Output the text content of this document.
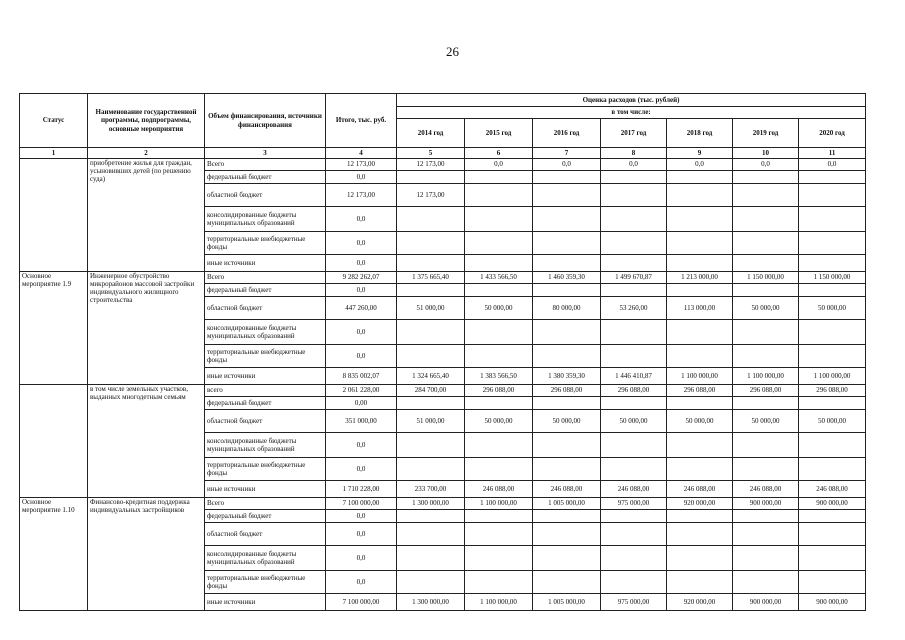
26
Статус	Наименование государственной программы, подпрограммы, основные мероприятия	Объем финансирования, источники финансирования	Итого, тыс. руб.	Оценка расходов (тыс. рублей)						
				в том числе:						
				2014 год	2015 год	2016 год	2017 год	2018 год	2019 год	2020 год
1	2	3	4	5	6	7	8	9	10	11
	приобретение жилья для граждан, усыновивших детей (по решению суда)	Всего	12 173,00	12 173,00	0,0	0,0	0,0	0,0	0,0	0,0
		федеральный бюджет	0,0							
		областной бюджет	12 173,00	12 173,00						
		консолидированные бюджеты муниципальных образований	0,0							
		территориальные внебюджетные фонды	0,0							
		иные источники	0,0							
Основное мероприятие 1.9	Инженерное обустройство микрорайонов массовой застройки индивидуального жилищного строительства	Всего	9 282 262,07	1 375 665,40	1 433 566,50	1 460 359,30	1 499 670,87	1 213 000,00	1 150 000,00	1 150 000,00
		федеральный бюджет	0,0							
		областной бюджет	447 260,00	51 000,00	50 000,00	80 000,00	53 260,00	113 000,00	50 000,00	50 000,00
		консолидированные бюджеты муниципальных образований	0,0							
		территориальные внебюджетные фонды	0,0							
		иные источники	8 835 002,07	1 324 665,40	1 383 566,50	1 380 359,30	1 446 410,87	1 100 000,00	1 100 000,00	1 100 000,00
	в том числе земельных участков, выданных многодетным семьям	всего	2 061 228,00	284 700,00	296 088,00	296 088,00	296 088,00	296 088,00	296 088,00	296 088,00
		федеральный бюджет	0,00							
		областной бюджет	351 000,00	51 000,00	50 000,00	50 000,00	50 000,00	50 000,00	50 000,00	50 000,00
		консолидированные бюджеты муниципальных образований	0,0							
		территориальные внебюджетные фонды	0,0							
		иные источники	1 710 228,00	233 700,00	246 088,00	246 088,00	246 088,00	246 088,00	246 088,00	246 088,00
Основное мероприятие 1.10	Финансово-кредитная поддержка индивидуальных застройщиков	Всего	7 100 000,00	1 300 000,00	1 100 000,00	1 005 000,00	975 000,00	920 000,00	900 000,00	900 000,00
		федеральный бюджет	0,0							
		областной бюджет	0,0							
		консолидированные бюджеты муниципальных образований	0,0							
		территориальные внебюджетные фонды	0,0							
		иные источники	7 100 000,00	1 300 000,00	1 100 000,00	1 005 000,00	975 000,00	920 000,00	900 000,00	900 000,00
